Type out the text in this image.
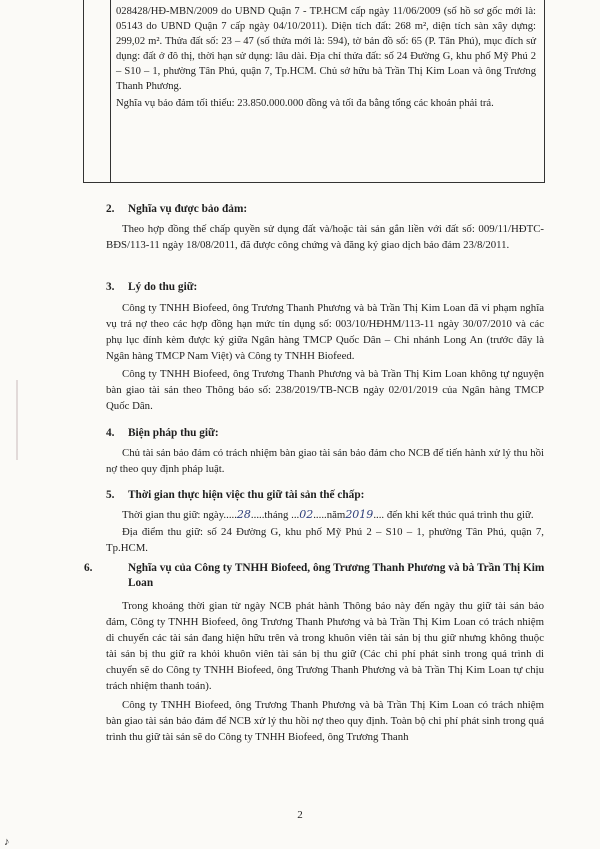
028428/HĐ-MBN/2009 do UBND Quận 7 - TP.HCM cấp ngày 11/06/2009 (số hồ sơ gốc mới là: 05143 do UBND Quận 7 cấp ngày 04/10/2011). Diện tích đất: 268 m², diện tích sàn xây dựng: 299,02 m². Thửa đất số: 23 – 47 (số thửa mới là: 594), tờ bản đồ số: 65 (P. Tân Phú), mục đích sử dụng: đất ở đô thị, thời hạn sử dụng: lâu dài. Địa chỉ thửa đất: số 24 Đường G, khu phố Mỹ Phú 2 – S10 – 1, phường Tân Phú, quận 7, Tp.HCM. Chủ sở hữu bà Trần Thị Kim Loan và ông Trương Thanh Phương.

Nghĩa vụ bảo đảm tối thiểu: 23.850.000.000 đồng và tối đa bằng tổng các khoản phải trả.

2. Nghĩa vụ được bảo đảm:

Theo hợp đồng thế chấp quyền sử dụng đất và/hoặc tài sản gắn liền với đất số: 009/11/HĐTC-BĐS/113-11 ngày 18/08/2011, đã được công chứng và đăng ký giao dịch bảo đảm 23/8/2011.

3. Lý do thu giữ:

Công ty TNHH Biofeed, ông Trương Thanh Phương và bà Trần Thị Kim Loan đã vi phạm nghĩa vụ trả nợ theo các hợp đồng hạn mức tín dụng số: 003/10/HĐHM/113-11 ngày 30/07/2010 và các phụ lục đính kèm được ký giữa Ngân hàng TMCP Quốc Dân – Chi nhánh Long An (trước đây là Ngân hàng TMCP Nam Việt) và Công ty TNHH Biofeed.

Công ty TNHH Biofeed, ông Trương Thanh Phương và bà Trần Thị Kim Loan không tự nguyện bàn giao tài sản theo Thông báo số: 238/2019/TB-NCB ngày 02/01/2019 của Ngân hàng TMCP Quốc Dân.

4. Biện pháp thu giữ:

Chủ tài sản bảo đảm có trách nhiệm bàn giao tài sản bảo đảm cho NCB để tiến hành xử lý thu hồi nợ theo quy định pháp luật.

5. Thời gian thực hiện việc thu giữ tài sản thế chấp:
Thời gian thu giữ: ngày.....28.....tháng ...02.....năm2019.... đến khi kết thúc quá trình thu giữ.

Địa điểm thu giữ: số 24 Đường G, khu phố Mỹ Phú 2 – S10 – 1, phường Tân Phú, quận 7, Tp.HCM.

6.	Nghĩa vụ của Công ty TNHH Biofeed, ông Trương Thanh Phương và bà Trần Thị Kim Loan

Trong khoảng thời gian từ ngày NCB phát hành Thông báo này đến ngày thu giữ tài sản bảo đảm, Công ty TNHH Biofeed, ông Trương Thanh Phương và bà Trần Thị Kim Loan có trách nhiệm di chuyển các tài sản đang hiện hữu trên và trong khuôn viên tài sản bị thu giữ nhưng không thuộc tài sản bị thu giữ ra khỏi khuôn viên tài sản bị thu giữ (Các chi phí phát sinh trong quá trình di chuyển sẽ do Công ty TNHH Biofeed, ông Trương Thanh Phương và bà Trần Thị Kim Loan tự chịu trách nhiệm thanh toán).

Công ty TNHH Biofeed, ông Trương Thanh Phương và bà Trần Thị Kim Loan có trách nhiệm bàn giao tài sản bảo đảm để NCB xử lý thu hồi nợ theo quy định. Toàn bộ chi phí phát sinh trong quá trình thu giữ tài sản sẽ do Công ty TNHH Biofeed, ông Trương Thanh

2
♪
